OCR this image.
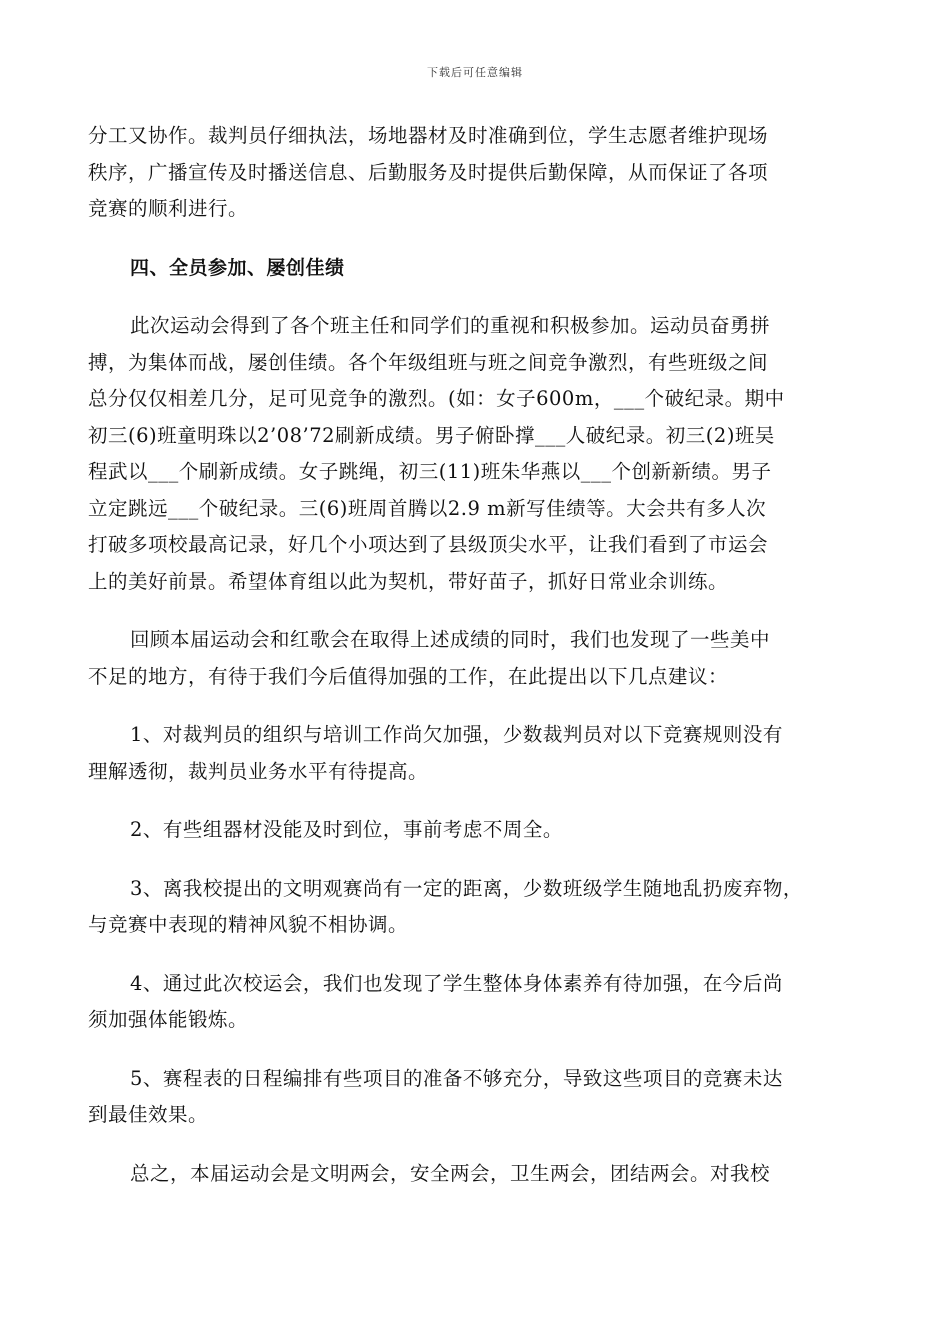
下载后可任意编辑

分工又协作。裁判员仔细执法，场地器材及时准确到位，学生志愿者维护现场
秩序，广播宣传及时播送信息、后勤服务及时提供后勤保障，从而保证了各项
竞赛的顺利进行。

四、全员参加、屡创佳绩

此次运动会得到了各个班主任和同学们的重视和积极参加。运动员奋勇拼
搏，为集体而战，屡创佳绩。各个年级组班与班之间竞争激烈，有些班级之间
总分仅仅相差几分，足可见竞争的激烈。(如：女子600m，___个破纪录。期中
初三(6)班童明珠以2’08’72刷新成绩。男子俯卧撑___人破纪录。初三(2)班吴
程武以___个刷新成绩。女子跳绳，初三(11)班朱华燕以___个创新新绩。男子
立定跳远___个破纪录。三(6)班周首腾以2.9 m新写佳绩等。大会共有多人次
打破多项校最高记录，好几个小项达到了县级顶尖水平，让我们看到了市运会
上的美好前景。希望体育组以此为契机，带好苗子，抓好日常业余训练。

回顾本届运动会和红歌会在取得上述成绩的同时，我们也发现了一些美中
不足的地方，有待于我们今后值得加强的工作，在此提出以下几点建议：

1、对裁判员的组织与培训工作尚欠加强，少数裁判员对以下竞赛规则没有
理解透彻，裁判员业务水平有待提高。

2、有些组器材没能及时到位，事前考虑不周全。

3、离我校提出的文明观赛尚有一定的距离，少数班级学生随地乱扔废弃物，
与竞赛中表现的精神风貌不相协调。

4、通过此次校运会，我们也发现了学生整体身体素养有待加强，在今后尚
须加强体能锻炼。

5、赛程表的日程编排有些项目的准备不够充分，导致这些项目的竞赛未达
到最佳效果。

总之，本届运动会是文明两会，安全两会，卫生两会，团结两会。对我校
